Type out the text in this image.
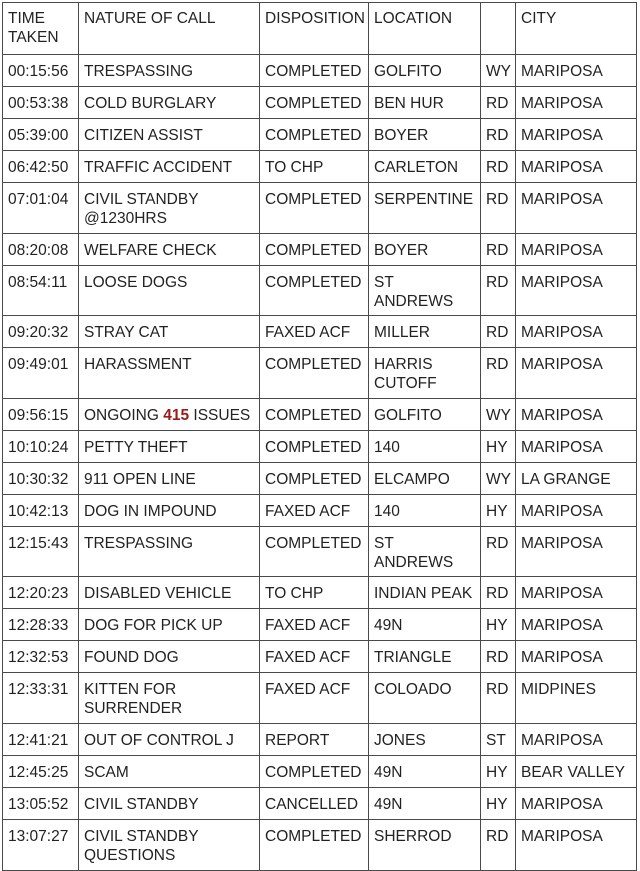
TIME
TAKEN	NATURE OF CALL	DISPOSITION	LOCATION		CITY
00:15:56	TRESPASSING	COMPLETED	GOLFITO	WY	MARIPOSA
00:53:38	COLD BURGLARY	COMPLETED	BEN HUR	RD	MARIPOSA
05:39:00	CITIZEN ASSIST	COMPLETED	BOYER	RD	MARIPOSA
06:42:50	TRAFFIC ACCIDENT	TO CHP	CARLETON	RD	MARIPOSA
07:01:04	CIVIL STANDBY
@1230HRS	COMPLETED	SERPENTINE	RD	MARIPOSA
08:20:08	WELFARE CHECK	COMPLETED	BOYER	RD	MARIPOSA
08:54:11	LOOSE DOGS	COMPLETED	ST ANDREWS	RD	MARIPOSA
09:20:32	STRAY CAT	FAXED ACF	MILLER	RD	MARIPOSA
09:49:01	HARASSMENT	COMPLETED	HARRIS
CUTOFF	RD	MARIPOSA
09:56:15	ONGOING 415 ISSUES	COMPLETED	GOLFITO	WY	MARIPOSA
10:10:24	PETTY THEFT	COMPLETED	140	HY	MARIPOSA
10:30:32	911 OPEN LINE	COMPLETED	ELCAMPO	WY	LA GRANGE
10:42:13	DOG IN IMPOUND	FAXED ACF	140	HY	MARIPOSA
12:15:43	TRESPASSING	COMPLETED	ST ANDREWS	RD	MARIPOSA
12:20:23	DISABLED VEHICLE	TO CHP	INDIAN PEAK	RD	MARIPOSA
12:28:33	DOG FOR PICK UP	FAXED ACF	49N	HY	MARIPOSA
12:32:53	FOUND DOG	FAXED ACF	TRIANGLE	RD	MARIPOSA
12:33:31	KITTEN FOR
SURRENDER	FAXED ACF	COLOADO	RD	MIDPINES
12:41:21	OUT OF CONTROL J	REPORT	JONES	ST	MARIPOSA
12:45:25	SCAM	COMPLETED	49N	HY	BEAR VALLEY
13:05:52	CIVIL STANDBY	CANCELLED	49N	HY	MARIPOSA
13:07:27	CIVIL STANDBY
QUESTIONS	COMPLETED	SHERROD	RD	MARIPOSA
